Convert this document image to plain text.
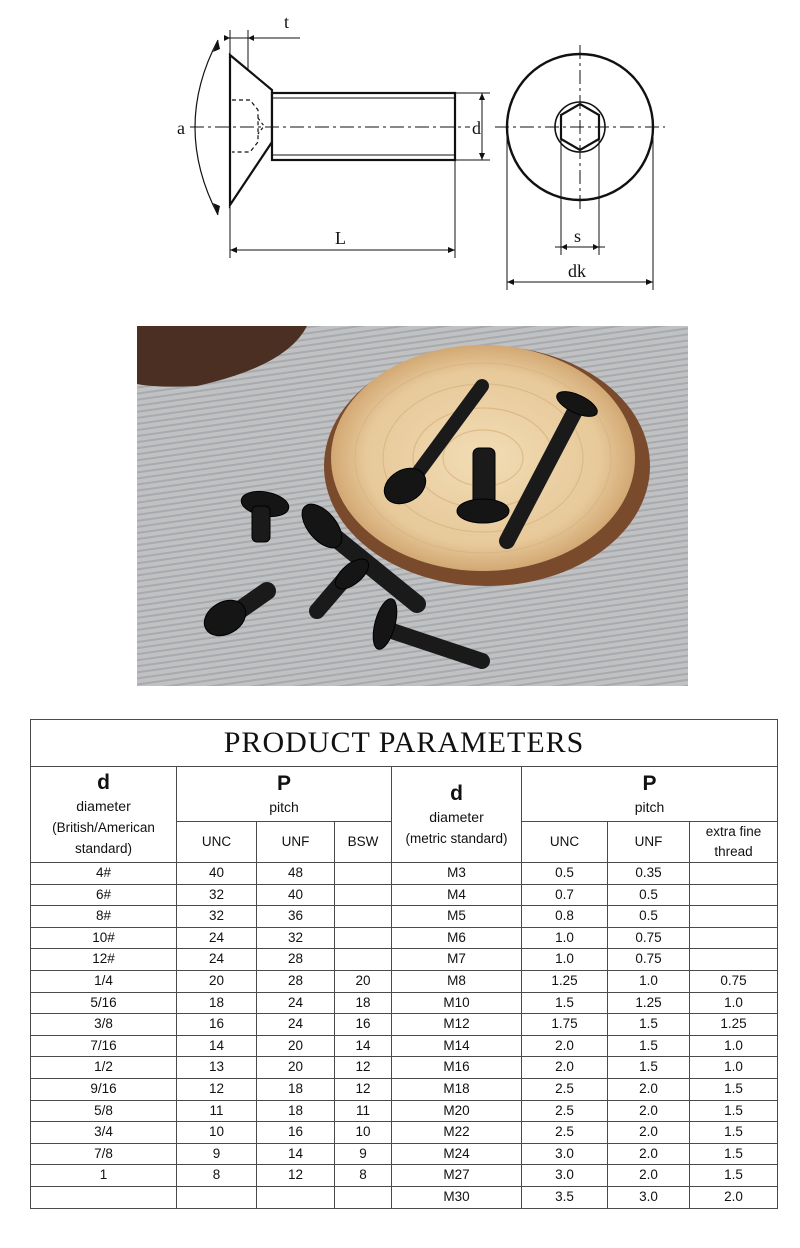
t
a	d
L	s
dk
PRODUCT PARAMETERS							

d
diameter
(British/American standard)	P
pitch			d
diameter
(metric standard)	P
pitch		

	UNC	UNF	BSW		UNC	UNF	extra fine thread
4#	40	48		M3	0.5	0.35	
6#	32	40		M4	0.7	0.5	
8#	32	36		M5	0.8	0.5	
10#	24	32		M6	1.0	0.75	
12#	24	28		M7	1.0	0.75	
1/4	20	28	20	M8	1.25	1.0	0.75
5/16	18	24	18	M10	1.5	1.25	1.0
3/8	16	24	16	M12	1.75	1.5	1.25
7/16	14	20	14	M14	2.0	1.5	1.0
1/2	13	20	12	M16	2.0	1.5	1.0
9/16	12	18	12	M18	2.5	2.0	1.5
5/8	11	18	11	M20	2.5	2.0	1.5
3/4	10	16	10	M22	2.5	2.0	1.5
7/8	9	14	9	M24	3.0	2.0	1.5
1	8	12	8	M27	3.0	2.0	1.5
				M30	3.5	3.0	2.0
